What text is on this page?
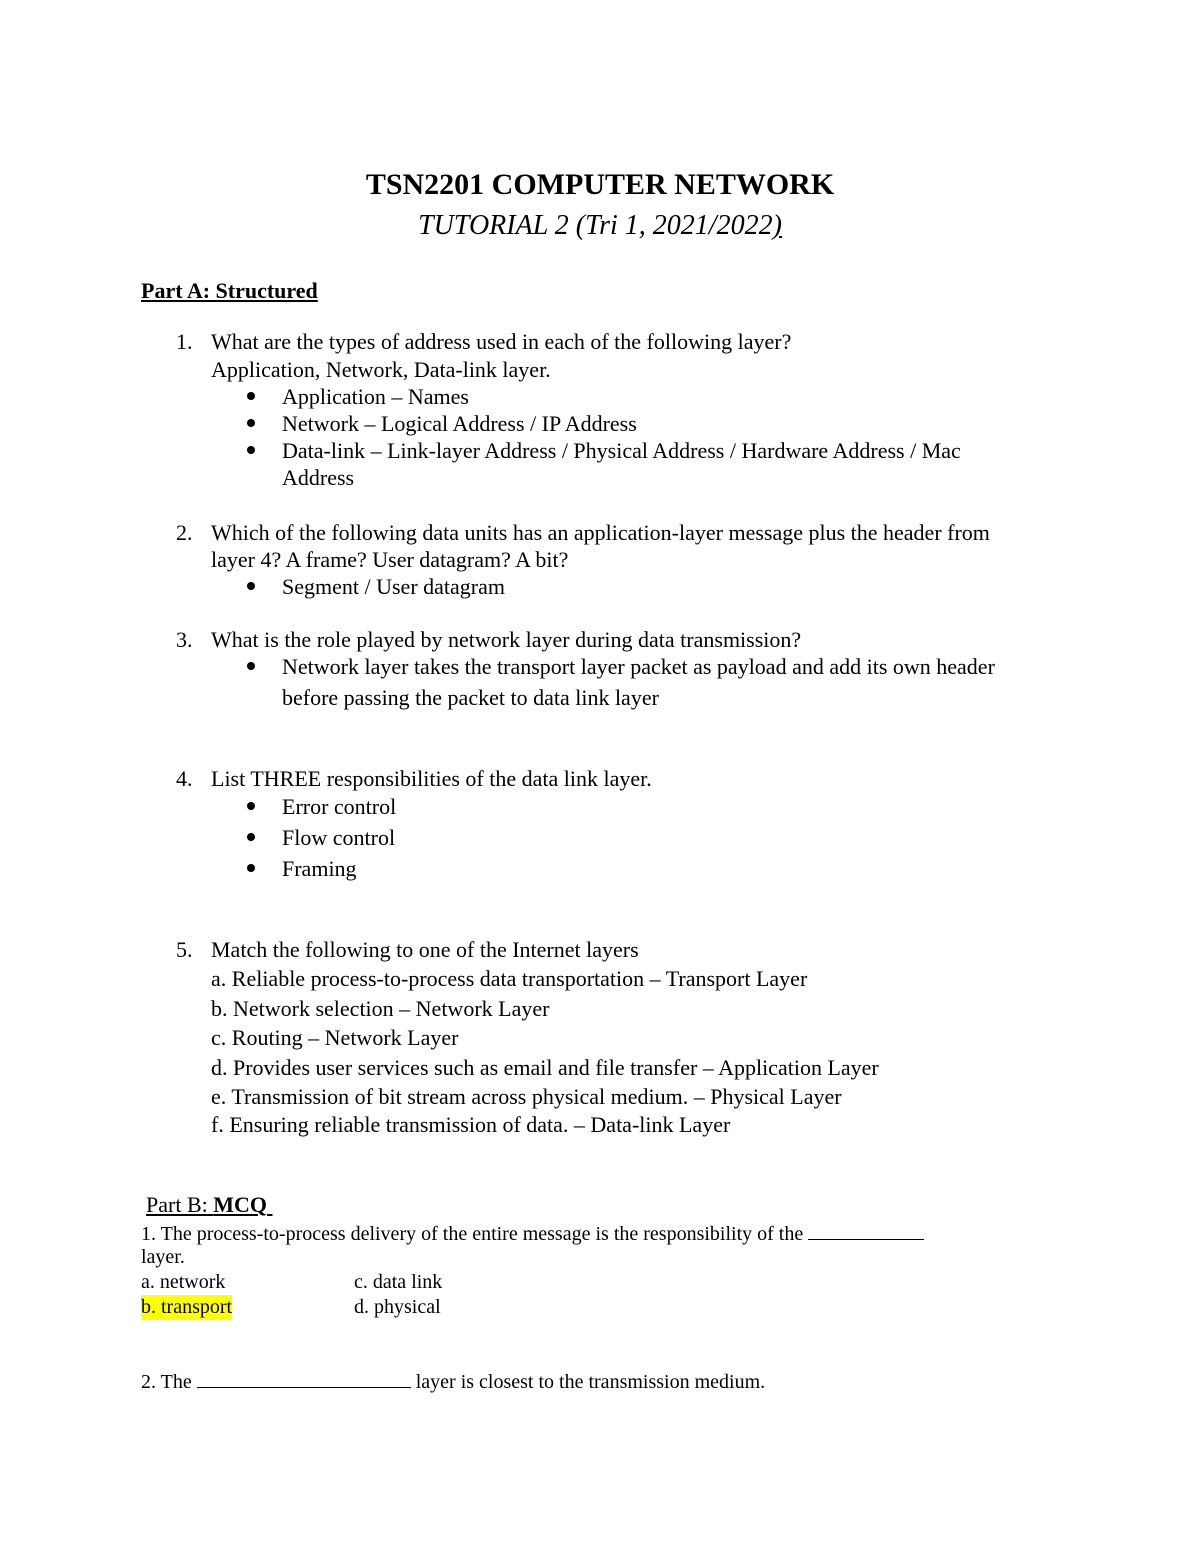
TSN2201 COMPUTER NETWORK
TUTORIAL 2 (Tri 1, 2021/2022)
Part A: Structured
1. What are the types of address used in each of the following layer?
Application, Network, Data-link layer.
Application – Names
Network – Logical Address / IP Address
Data-link – Link-layer Address / Physical Address / Hardware Address / Mac
Address
2. Which of the following data units has an application-layer message plus the header from
layer 4? A frame? User datagram? A bit?
Segment / User datagram
3. What is the role played by network layer during data transmission?
Network layer takes the transport layer packet as payload and add its own header
before passing the packet to data link layer
4. List THREE responsibilities of the data link layer.
Error control
Flow control
Framing
5. Match the following to one of the Internet layers
a. Reliable process-to-process data transportation – Transport Layer
b. Network selection – Network Layer
c. Routing – Network Layer
d. Provides user services such as email and file transfer – Application Layer
e. Transmission of bit stream across physical medium. – Physical Layer
f. Ensuring reliable transmission of data. – Data-link Layer
Part B: MCQ
1. The process-to-process delivery of the entire message is the responsibility of the
layer.
a. network	c. data link
b. transport	d. physical
2. The	layer is closest to the transmission medium.
